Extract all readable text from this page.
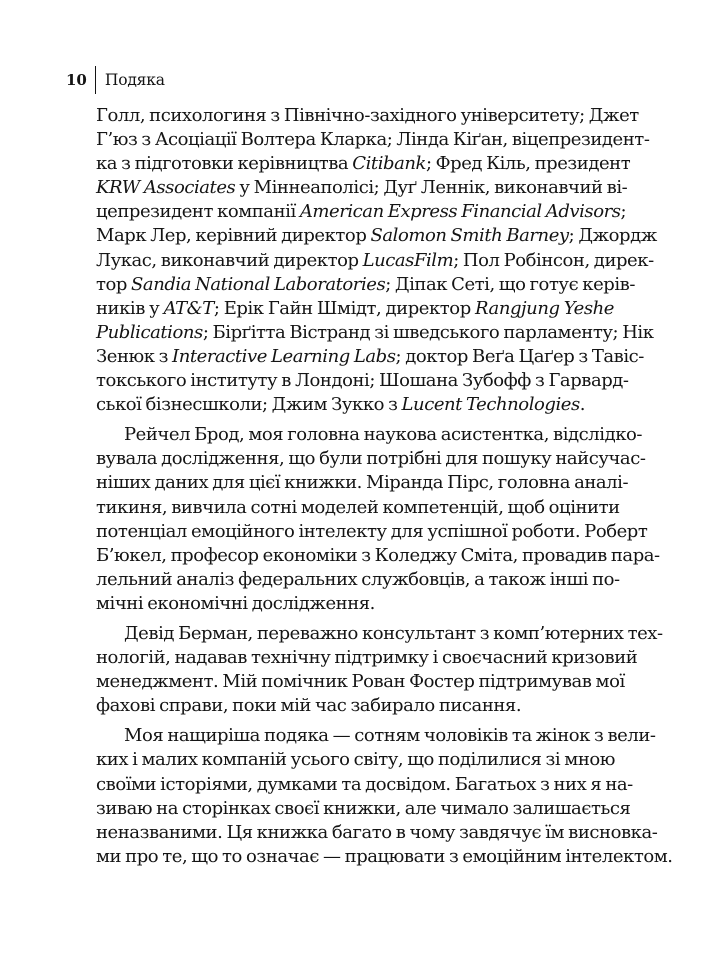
10 Подяка
Голл, психологиня з Північно-західного університету; Джет
Г’юз з Асоціації Волтера Кларка; Лінда Кіґан, віцепрезидент-
ка з підготовки керівництва Citibank; Фред Кіль, президент
KRW Associates у Міннеаполісі; Дуґ Леннік, виконавчий ві-
цепрезидент компанії American Express Financial Advisors;
Марк Лер, керівний директор Salomon Smith Barney; Джордж
Лукас, виконавчий директор LucasFilm; Пол Робінсон, дирек-
тор Sandia National Laboratories; Діпак Сеті, що готує керів-
ників у AT&T; Ерік Гайн Шмідт, директор Rangjung Yeshe
Publications; Бірґітта Вістранд зі шведського парламенту; Нік
Зенюк з Interactive Learning Labs; доктор Веґа Цаґер з Тавіс-
токського інституту в Лондоні; Шошана Зубофф з Гарвард-
ської бізнесшколи; Джим Зукко з Lucent Technologies.
Рейчел Брод, моя головна наукова асистентка, відслідко-
вувала дослідження, що були потрібні для пошуку найсучас-
ніших даних для цієї книжки. Міранда Пірс, головна аналі-
тикиня, вивчила сотні моделей компетенцій, щоб оцінити
потенціал емоційного інтелекту для успішної роботи. Роберт
Б’юкел, професор економіки з Коледжу Сміта, провадив пара-
лельний аналіз федеральних службовців, а також інші по-
мічні економічні дослідження.
Девід Берман, переважно консультант з комп’ютерних тех-
нологій, надавав технічну підтримку і своєчасний кризовий
менеджмент. Мій помічник Рован Фостер підтримував мої
фахові справи, поки мій час забирало писання.
Моя нащиріша подяка — сотням чоловіків та жінок з вели-
ких і малих компаній усього світу, що поділилися зі мною
своїми історіями, думками та досвідом. Багатьох з них я на-
зиваю на сторінках своєї книжки, але чимало залишається
неназваними. Ця книжка багато в чому завдячує їм висновка-
ми про те, що то означає — працювати з емоційним інтелектом.
